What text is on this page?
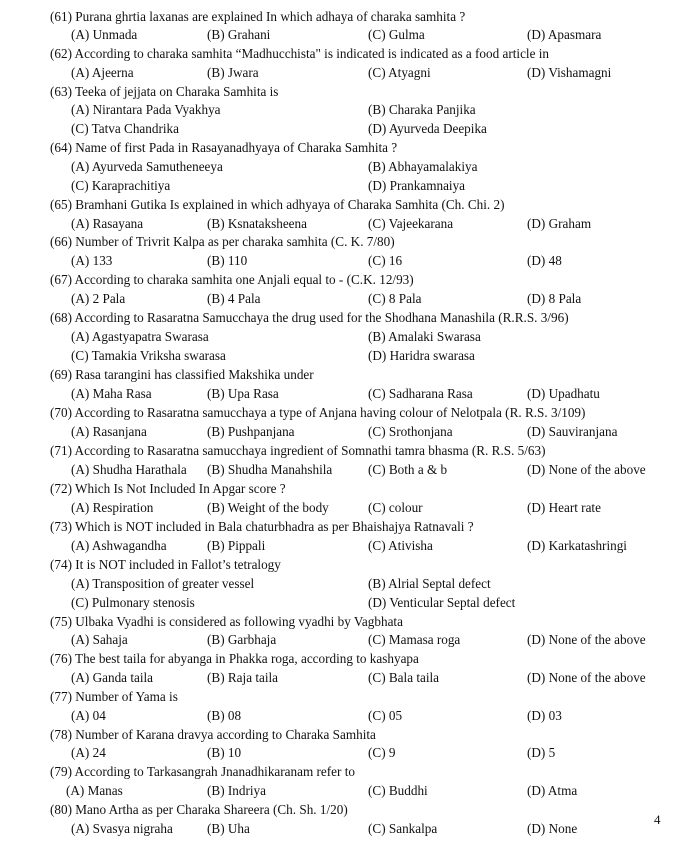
(61) Purana ghrtia laxanas are explained In which adhaya of charaka samhita ?
(A) Unmada	(B) Grahani	(C) Gulma	(D) Apasmara
(62) According to charaka samhita “Madhucchista" is indicated is indicated as a food article in
(A) Ajeerna	(B) Jwara	(C) Atyagni	(D) Vishamagni
(63) Teeka of jejjata on Charaka Samhita is
(A) Nirantara Pada Vyakhya	(B) Charaka Panjika
(C) Tatva Chandrika	(D) Ayurveda Deepika
(64) Name of first Pada in Rasayanadhyaya of Charaka Samhita ?
(A) Ayurveda Samutheneeya	(B) Abhayamalakiya
(C) Karaprachitiya	(D) Prankamnaiya
(65) Bramhani Gutika Is explained in which adhyaya of Charaka Samhita (Ch. Chi. 2)
(A) Rasayana	(B) Ksnataksheena	(C) Vajeekarana	(D) Graham
(66) Number of Trivrit Kalpa as per charaka samhita (C. K. 7/80)
(A) 133	(B) 110	(C) 16	(D) 48
(67) According to charaka samhita one Anjali equal to - (C.K. 12/93)
(A) 2 Pala	(B) 4 Pala	(C) 8 Pala	(D) 8 Pala
(68) According to Rasaratna Samucchaya the drug used for the Shodhana Manashila (R.R.S. 3/96)
(A) Agastyapatra Swarasa	(B) Amalaki Swarasa
(C) Tamakia Vriksha swarasa	(D) Haridra swarasa
(69) Rasa tarangini has classified Makshika under
(A) Maha Rasa	(B) Upa Rasa	(C) Sadharana Rasa	(D) Upadhatu
(70) According to Rasaratna samucchaya a type of Anjana having colour of Nelotpala (R. R.S. 3/109)
(A) Rasanjana	(B) Pushpanjana	(C) Srothonjana	(D) Sauviranjana
(71) According to Rasaratna samucchaya ingredient of Somnathi tamra bhasma (R. R.S. 5/63)
(A) Shudha Harathala (B) Shudha Manahshila	(C) Both a & b	(D) None of the above
(72) Which Is Not Included In Apgar score ?
(A) Respiration	(B) Weight of the body	(C) colour	(D) Heart rate
(73) Which is NOT included in Bala chaturbhadra as per Bhaishajya Ratnavali ?
(A) Ashwagandha	(B) Pippali	(C) Ativisha	(D) Karkatashringi
(74) It is NOT included in Fallot’s tetralogy
(A) Transposition of greater vessel	(B) Alrial Septal defect
(C) Pulmonary stenosis	(D) Venticular Septal defect
(75) Ulbaka Vyadhi is considered as following vyadhi by Vagbhata
(A) Sahaja	(B) Garbhaja	(C) Mamasa roga	(D) None of the above
(76) The best taila for abyanga in Phakka roga, according to kashyapa
(A) Ganda taila	(B) Raja taila	(C) Bala taila	(D) None of the above
(77) Number of Yama is
(A) 04	(B) 08	(C) 05	(D) 03
(78) Number of Karana dravya according to Charaka Samhita
(A) 24	(B) 10	(C) 9	(D) 5
(79) According to Tarkasangrah Jnanadhikaranam refer to
(A) Manas	(B) Indriya	(C) Buddhi	(D) Atma
(80) Mano Artha as per Charaka Shareera (Ch. Sh. 1/20)
(A) Svasya nigraha	(B) Uha	(C) Sankalpa	(D) None
4
